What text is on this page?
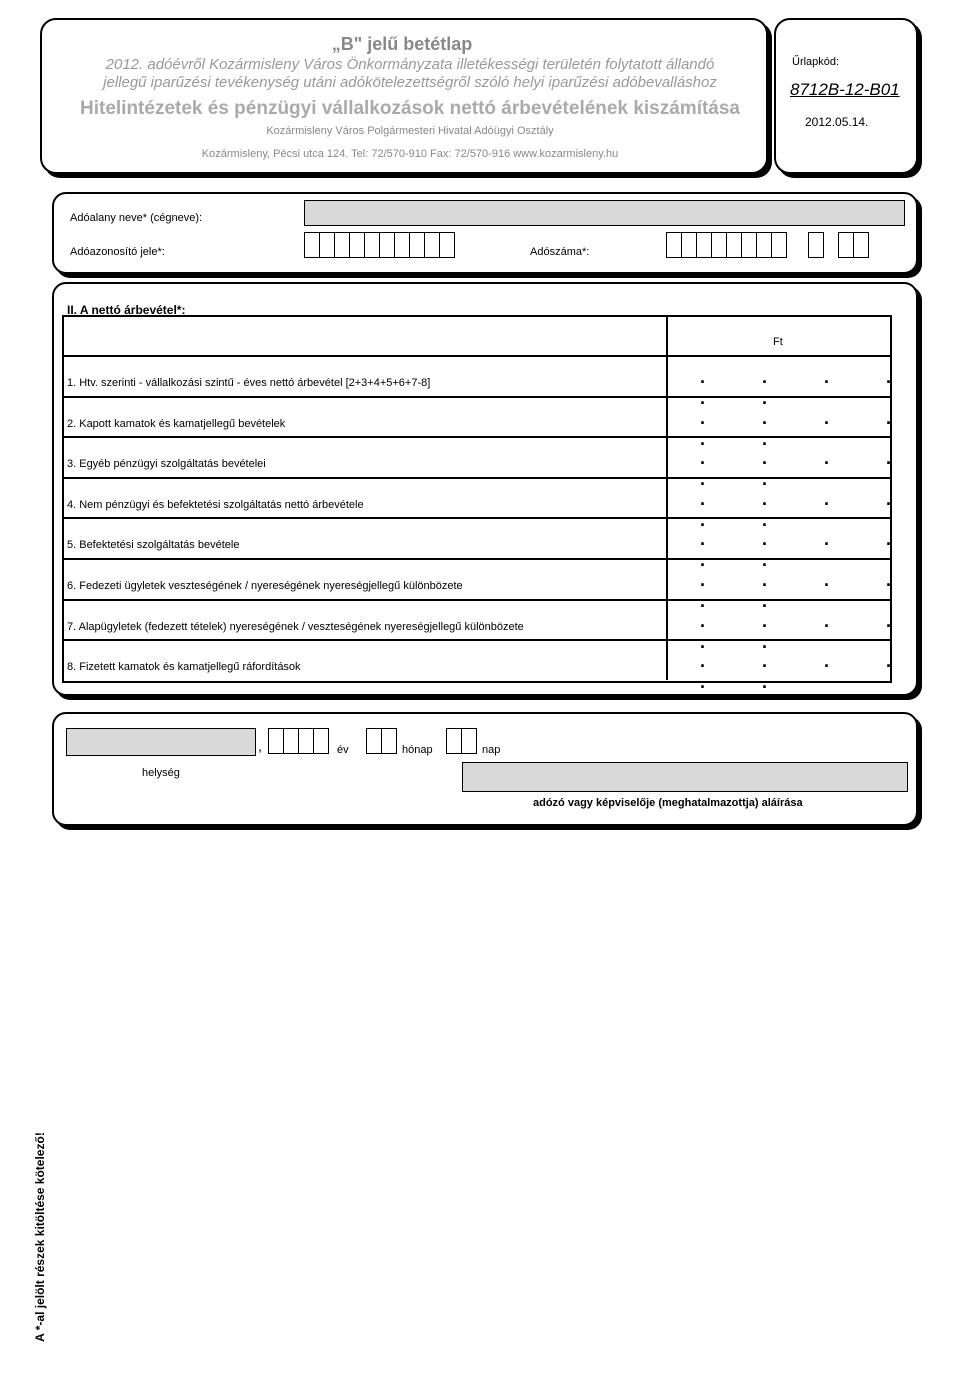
„B" jelű betétlap
2012. adóévről Kozármisleny Város Önkormányzata illetékességi területén folytatott állandó
jellegű iparűzési tevékenység utáni adókötelezettségről szóló helyi iparűzési adóbevalláshoz
Hitelintézetek és pénzügyi vállalkozások nettó árbevételének kiszámítása
Kozármisleny Város Polgármesteri Hivatal Adóügyi Osztály
Kozármisleny, Pécsi utca 124. Tel: 72/570-910 Fax: 72/570-916 www.kozarmisleny.hu
Űrlapkód:
8712B-12-B01
2012.05.14.
Adóalany neve* (cégneve):
Adóazonosító jele*:	Adószáma*:
II. A nettó árbevétel*:
Ft
1. Htv. szerinti - vállalkozási szintű - éves nettó árbevétel [2+3+4+5+6+7-8]	. . . . . .
2. Kapott kamatok és kamatjellegű bevételek	. . . . . .
3. Egyéb pénzügyi szolgáltatás bevételei	. . . . . .
4. Nem pénzügyi és befektetési szolgáltatás nettó árbevétele	. . . . . .
5. Befektetési szolgáltatás bevétele	. . . . . .
6. Fedezeti ügyletek veszteségének / nyereségének nyereségjellegű különbözete	. . . . . .
7. Alapügyletek (fedezett tételek) nyereségének / veszteségének nyereségjellegű különbözete	. . . . . .
8. Fizetett kamatok és kamatjellegű ráfordítások	. . . . . .
,	év	hónap	nap
helység
adózó vagy képviselője (meghatalmazottja) aláírása
A *-al jelölt részek kitöltése kötelező!
